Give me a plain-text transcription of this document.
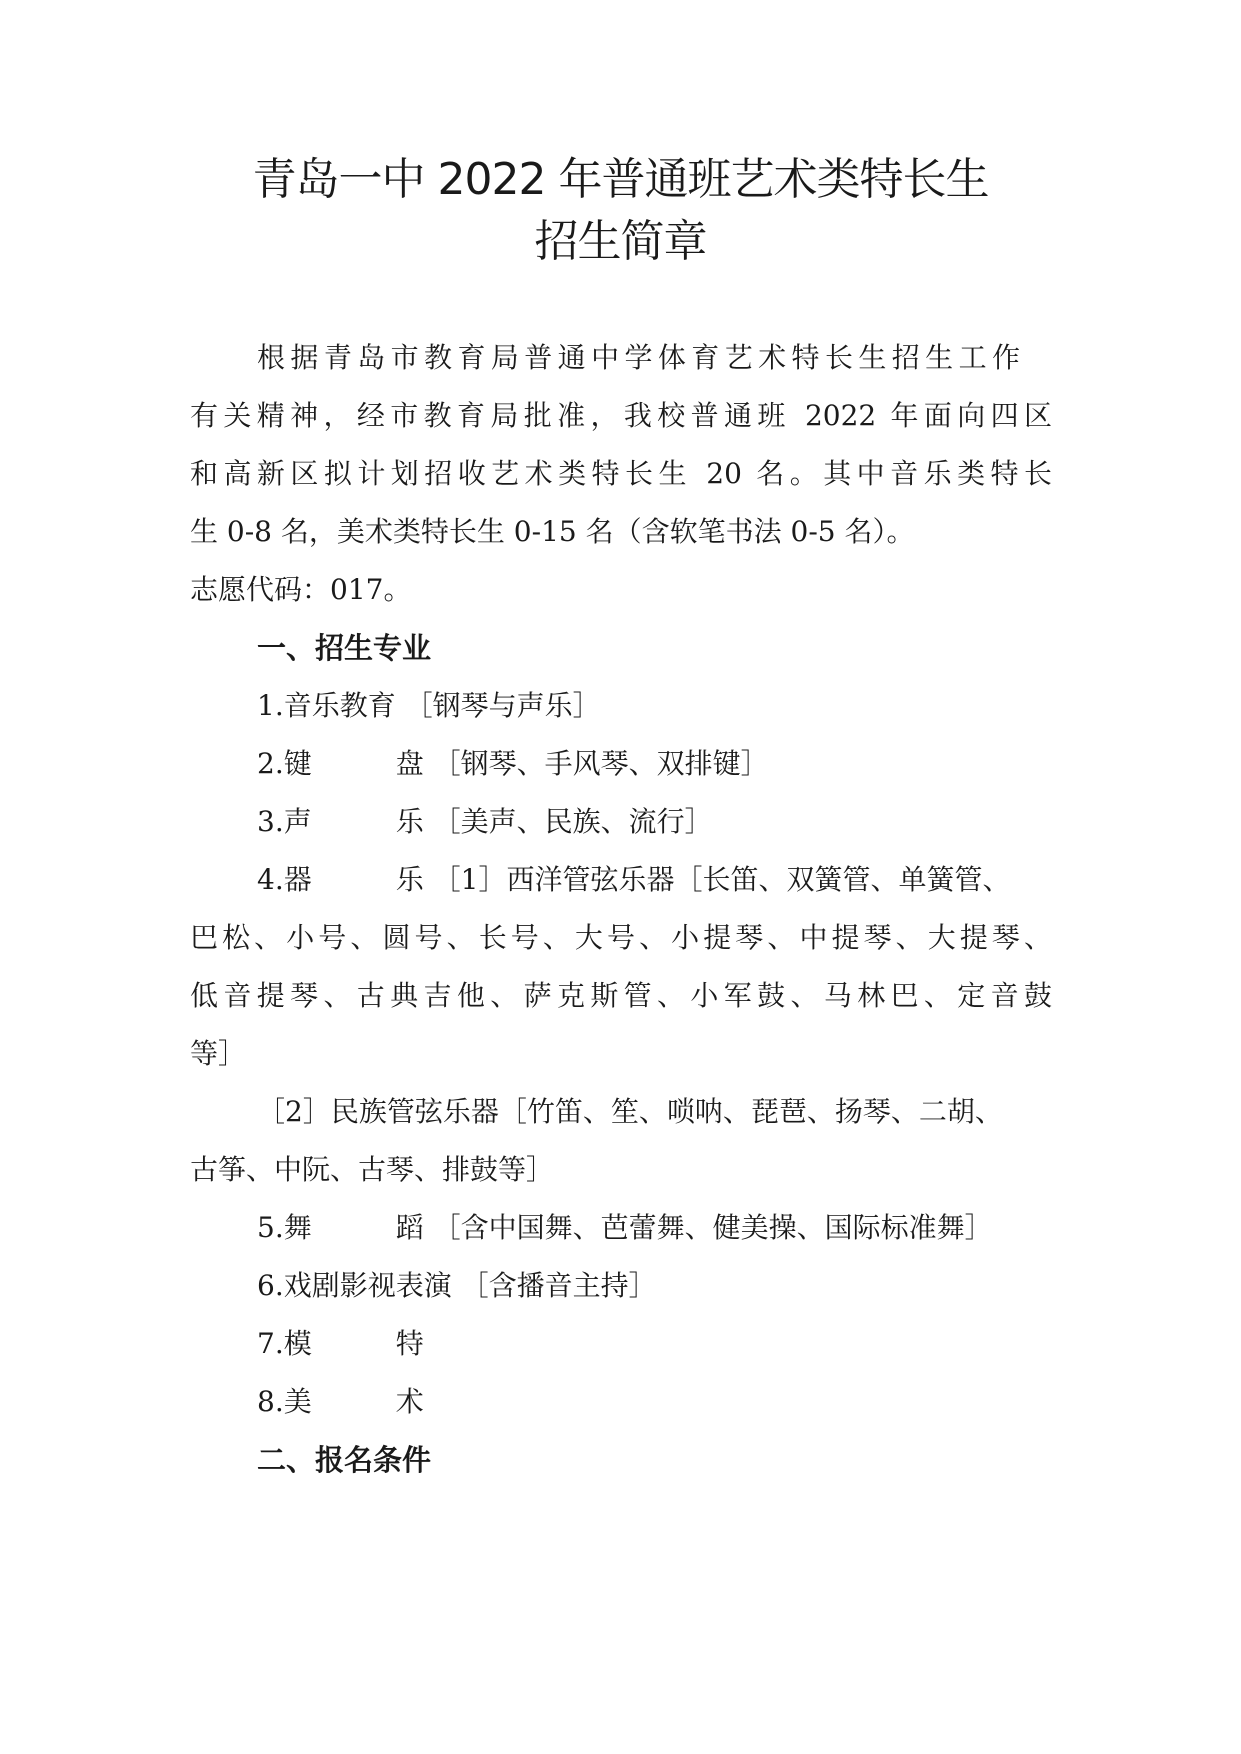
青岛一中 2022 年普通班艺术类特长生
招生简章
根据青岛市教育局普通中学体育艺术特长生招生工作
有关精神，经市教育局批准，我校普通班 2022 年面向四区
和高新区拟计划招收艺术类特长生 20 名。其中音乐类特长
生 0-8 名，美术类特长生 0-15 名（含软笔书法 0-5 名）。
志愿代码：017。
一、招生专业
1.音乐教育 ［钢琴与声乐］
2.键	盘 ［钢琴、手风琴、双排键］
3.声	乐 ［美声、民族、流行］
4.器	乐 ［1］西洋管弦乐器［长笛、双簧管、单簧管、
巴松、小号、圆号、长号、大号、小提琴、中提琴、大提琴、
低音提琴、古典吉他、萨克斯管、小军鼓、马林巴、定音鼓
等］
［2］民族管弦乐器［竹笛、笙、唢呐、琵琶、扬琴、二胡、
古筝、中阮、古琴、排鼓等］
5.舞	蹈 ［含中国舞、芭蕾舞、健美操、国际标准舞］
6.戏剧影视表演 ［含播音主持］
7.模	特
8.美	术
二、报名条件
